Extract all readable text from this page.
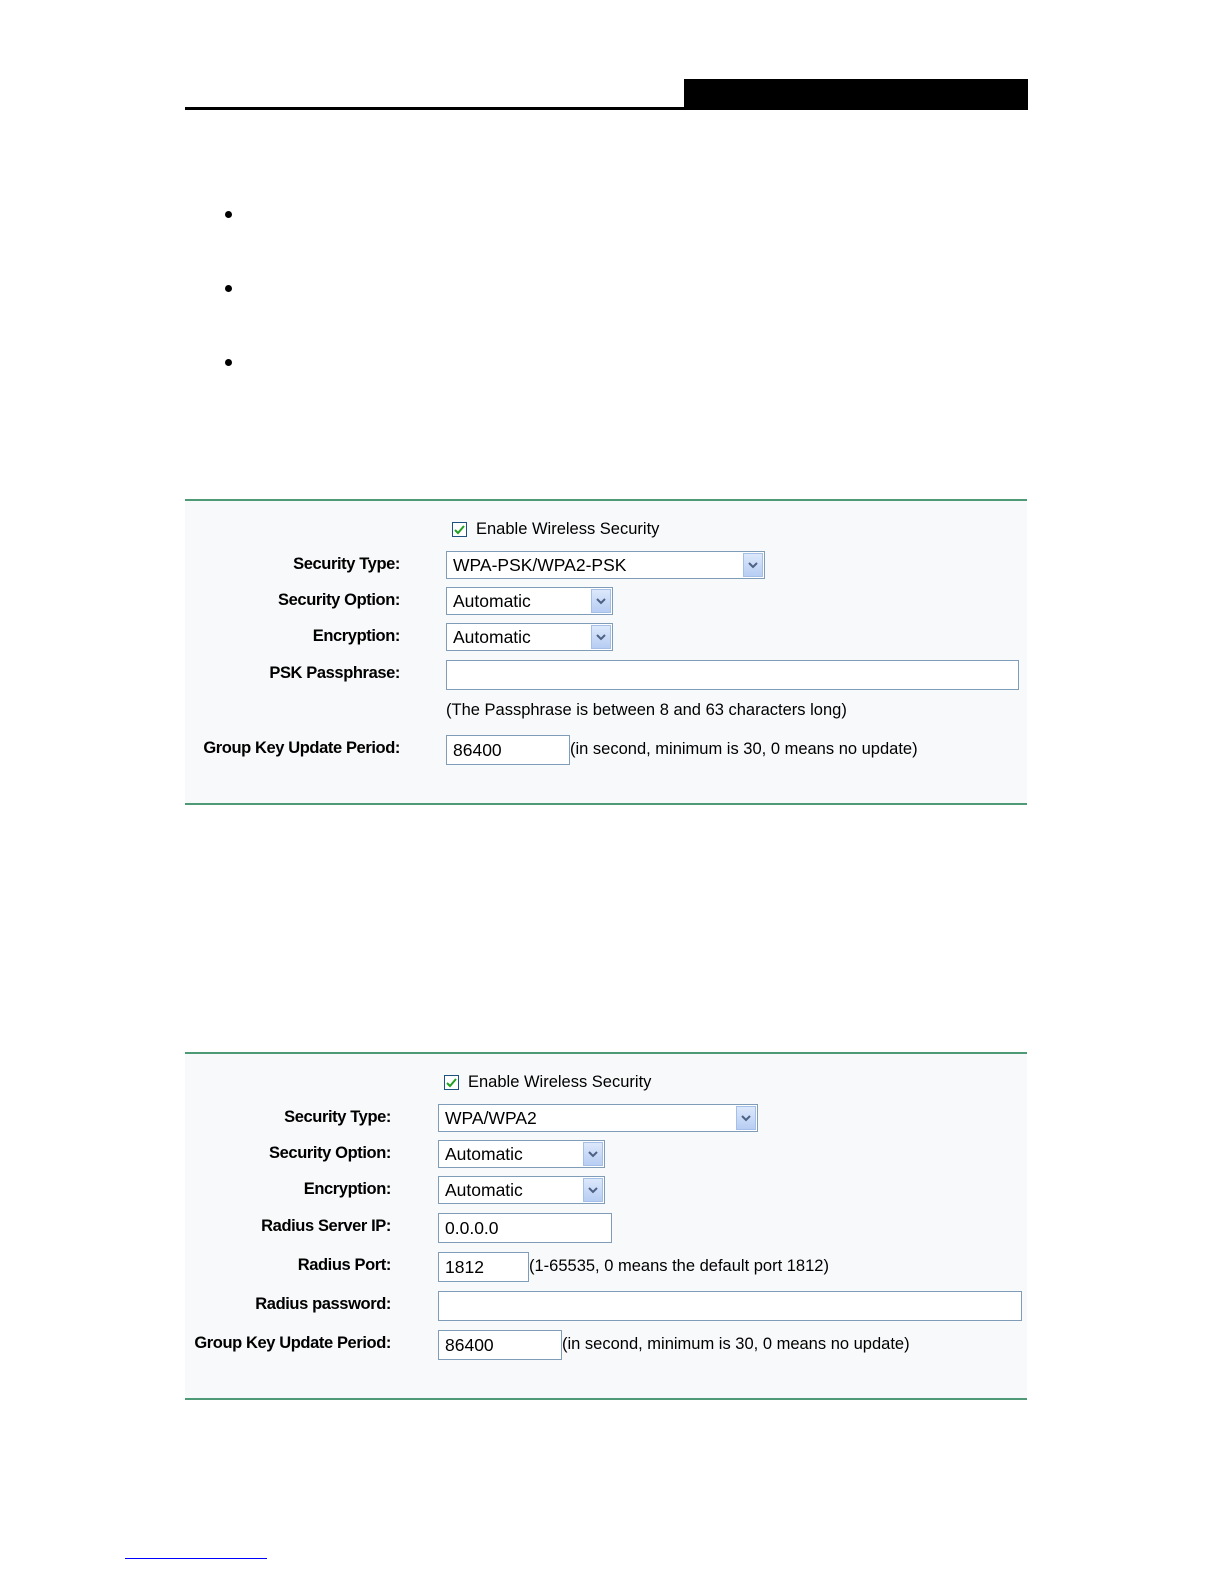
Enable Wireless Security
Security Type:	WPA-PSK/WPA2-PSK
Security Option:	Automatic
Encryption:	Automatic
PSK Passphrase:
(The Passphrase is between 8 and 63 characters long)
Group Key Update Period:	86400	(in second, minimum is 30, 0 means no update)
Enable Wireless Security
Security Type:	WPA/WPA2
Security Option:	Automatic
Encryption:	Automatic
Radius Server IP:	0.0.0.0
Radius Port:	1812	(1-65535, 0 means the default port 1812)
Radius password:
Group Key Update Period:	86400	(in second, minimum is 30, 0 means no update)
